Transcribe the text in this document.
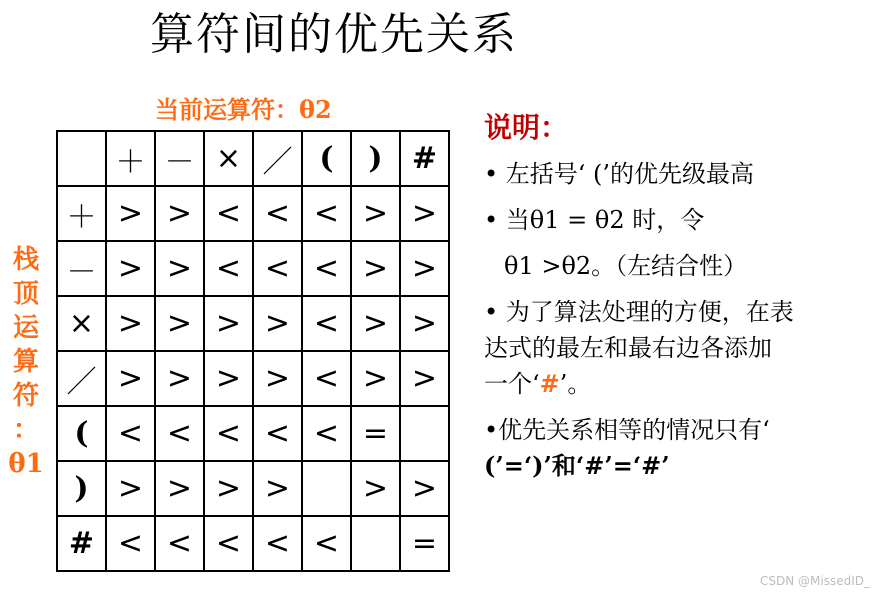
算符间的优先关系
当前运算符：θ2
栈
顶
运
算
符
：
θ1
	＋	－	×	／	(	)	#
＋	>	>	<	<	<	>	>
－	>	>	<	<	<	>	>
×	>	>	>	>	<	>	>
／	>	>	>	>	<	>	>
(	<	<	<	<	<	=	
)	>	>	>	>		>	>
#	<	<	<	<	<		=
说明：
• 左括号‘ (’的优先级最高
• 当θ1 = θ2 时，令
θ1 >θ2。（左结合性）
• 为了算法处理的方便，在表
达式的最左和最右边各添加
一个‘#’。
•优先关系相等的情况只有‘
(’=‘)’和‘#’=‘#’
CSDN @MissedID_
